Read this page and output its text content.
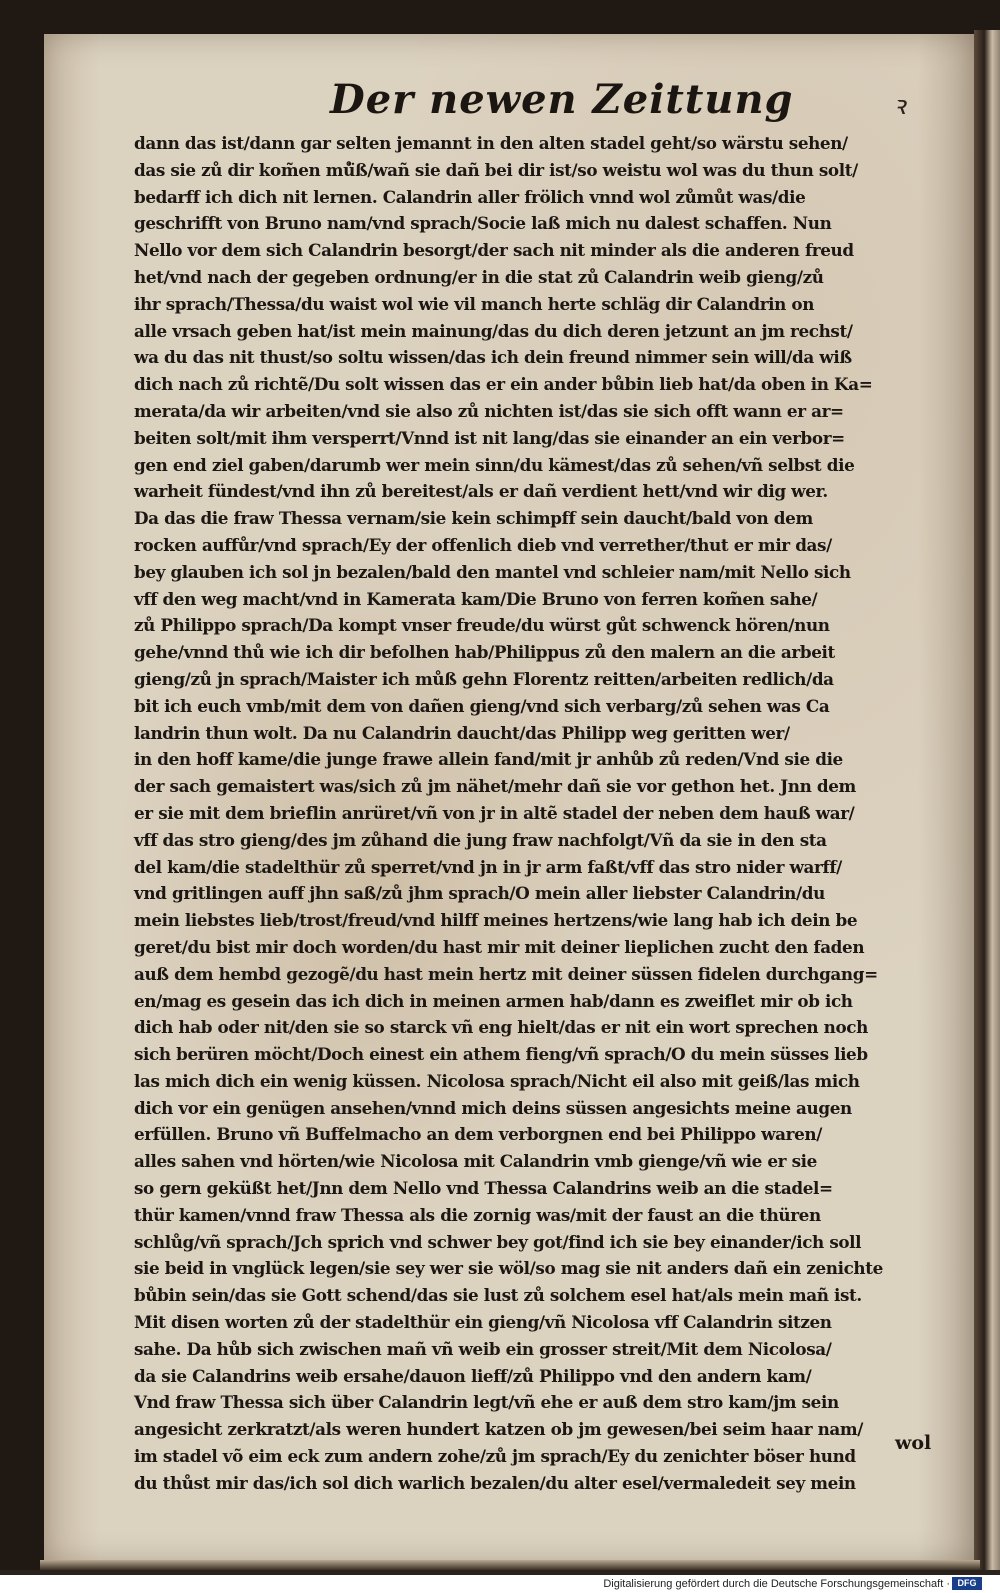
Der newen Zeittung	ꝛ

dann das ist/dann gar selten jemannt in den alten stadel geht/so wärstu sehen/
das sie zů dir kom̃en mů̈ß/wañ sie dañ bei dir ist/so weistu wol was du thun solt/
bedarff ich dich nit lernen. Calandrin aller frölich vnnd wol zůmůt was/die
geschrifft von Bruno nam/vnd sprach/Socie laß mich nu dalest schaffen. Nun
Nello vor dem sich Calandrin besorgt/der sach nit minder als die anderen freud
het/vnd nach der gegeben ordnung/er in die stat zů Calandrin weib gieng/zů
ihr sprach/Thessa/du waist wol wie vil manch herte schläg dir Calandrin on
alle vrsach geben hat/ist mein mainung/das du dich deren jetzunt an jm rechst/
wa du das nit thust/so soltu wissen/das ich dein freund nimmer sein will/da wiß
dich nach zů richtẽ/Du solt wissen das er ein ander bůbin lieb hat/da oben in Ka=
merata/da wir arbeiten/vnd sie also zů nichten ist/das sie sich offt wann er ar=
beiten solt/mit ihm versperrt/Vnnd ist nit lang/das sie einander an ein verbor=
gen end ziel gaben/darumb wer mein sinn/du kämest/das zů sehen/vñ selbst die
warheit fündest/vnd ihn zů bereitest/als er dañ verdient hett/vnd wir dig wer.
Da das die fraw Thessa vernam/sie kein schimpff sein daucht/bald von dem
rocken auffůr/vnd sprach/Ey der offenlich dieb vnd verrether/thut er mir das/
bey glauben ich sol jn bezalen/bald den mantel vnd schleier nam/mit Nello sich
vff den weg macht/vnd in Kamerata kam/Die Bruno von ferren kom̃en sahe/
zů Philippo sprach/Da kompt vnser freude/du würst gůt schwenck hören/nun
gehe/vnnd thů wie ich dir befolhen hab/Philippus zů den malern an die arbeit
gieng/zů jn sprach/Maister ich můß gehn Florentz reitten/arbeiten redlich/da
bit ich euch vmb/mit dem von dañen gieng/vnd sich verbarg/zů sehen was Ca
landrin thun wolt. Da nu Calandrin daucht/das Philipp weg geritten wer/
in den hoff kame/die junge frawe allein fand/mit jr anhůb zů reden/Vnd sie die
der sach gemaistert was/sich zů jm nähet/mehr dañ sie vor gethon het. Jnn dem
er sie mit dem brieflin anrüret/vñ von jr in altẽ stadel der neben dem hauß war/
vff das stro gieng/des jm zůhand die jung fraw nachfolgt/Vñ da sie in den sta
del kam/die stadelthür zů sperret/vnd jn in jr arm faßt/vff das stro nider warff/
vnd gritlingen auff jhn saß/zů jhm sprach/O mein aller liebster Calandrin/du
mein liebstes lieb/trost/freud/vnd hilff meines hertzens/wie lang hab ich dein be
geret/du bist mir doch worden/du hast mir mit deiner lieplichen zucht den faden
auß dem hembd gezogẽ/du hast mein hertz mit deiner süssen fidelen durchgang=
en/mag es gesein das ich dich in meinen armen hab/dann es zweiflet mir ob ich
dich hab oder nit/den sie so starck vñ eng hielt/das er nit ein wort sprechen noch
sich berüren möcht/Doch einest ein athem fieng/vñ sprach/O du mein süsses lieb
las mich dich ein wenig küssen. Nicolosa sprach/Nicht eil also mit geiß/las mich
dich vor ein genügen ansehen/vnnd mich deins süssen angesichts meine augen
erfüllen. Bruno vñ Buffelmacho an dem verborgnen end bei Philippo waren/
alles sahen vnd hörten/wie Nicolosa mit Calandrin vmb gienge/vñ wie er sie
so gern geküßt het/Jnn dem Nello vnd Thessa Calandrins weib an die stadel=
thür kamen/vnnd fraw Thessa als die zornig was/mit der faust an die thüren
schlůg/vñ sprach/Jch sprich vnd schwer bey got/find ich sie bey einander/ich soll
sie beid in vnglück legen/sie sey wer sie wöl/so mag sie nit anders dañ ein zenichte
bůbin sein/das sie Gott schend/das sie lust zů solchem esel hat/als mein mañ ist.
Mit disen worten zů der stadelthür ein gieng/vñ Nicolosa vff Calandrin sitzen
sahe. Da hůb sich zwischen mañ vñ weib ein grosser streit/Mit dem Nicolosa/
da sie Calandrins weib ersahe/dauon lieff/zů Philippo vnd den andern kam/
Vnd fraw Thessa sich über Calandrin legt/vñ ehe er auß dem stro kam/jm sein
angesicht zerkratzt/als weren hundert katzen ob jm gewesen/bei seim haar nam/
im stadel võ eim eck zum andern zohe/zů jm sprach/Ey du zenichter böser hund
du thůst mir das/ich sol dich warlich bezalen/du alter esel/vermaledeit sey mein

wol

Digitalisierung gefördert durch die Deutsche Forschungsgemeinschaft · DFG
